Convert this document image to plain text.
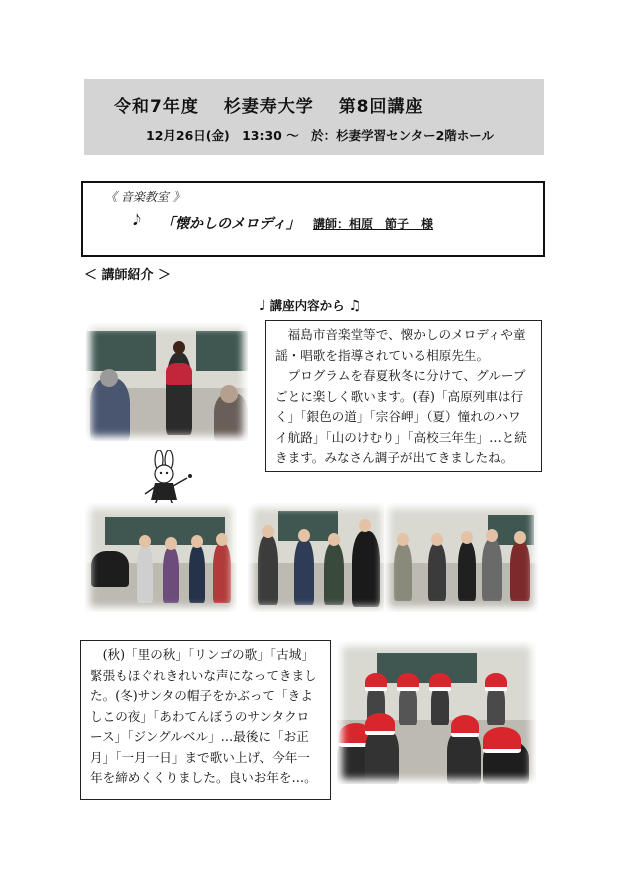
令和7年度 杉妻寿大学 第8回講座
12月26日(金) 13:30 ～ 於：杉妻学習センター2階ホール
《 音楽教室 》
𝅘𝅥𝅮 「懐かしのメロディ」 講師：相原　節子　様
＜ 講師紹介 ＞
♩ 講座内容から ♫

福島市音楽堂等で、懐かしのメロディや童謡・唱歌を指導されている相原先生。

プログラムを春夏秋冬に分けて、グループごとに楽しく歌います。(春)「高原列車は行く」「銀色の道」「宗谷岬」（夏）憧れのハワイ航路」「山のけむり」「高校三年生」…と続きます。みなさん調子が出てきましたね。

(秋)「里の秋」「リンゴの歌」「古城」緊張もほぐれきれいな声になってきました。(冬)サンタの帽子をかぶって「きよしこの夜」「あわてんぼうのサンタクロース」「ジングルベル」…最後に「お正月」「一月一日」まで歌い上げ、今年一年を締めくくりました。良いお年を…。
